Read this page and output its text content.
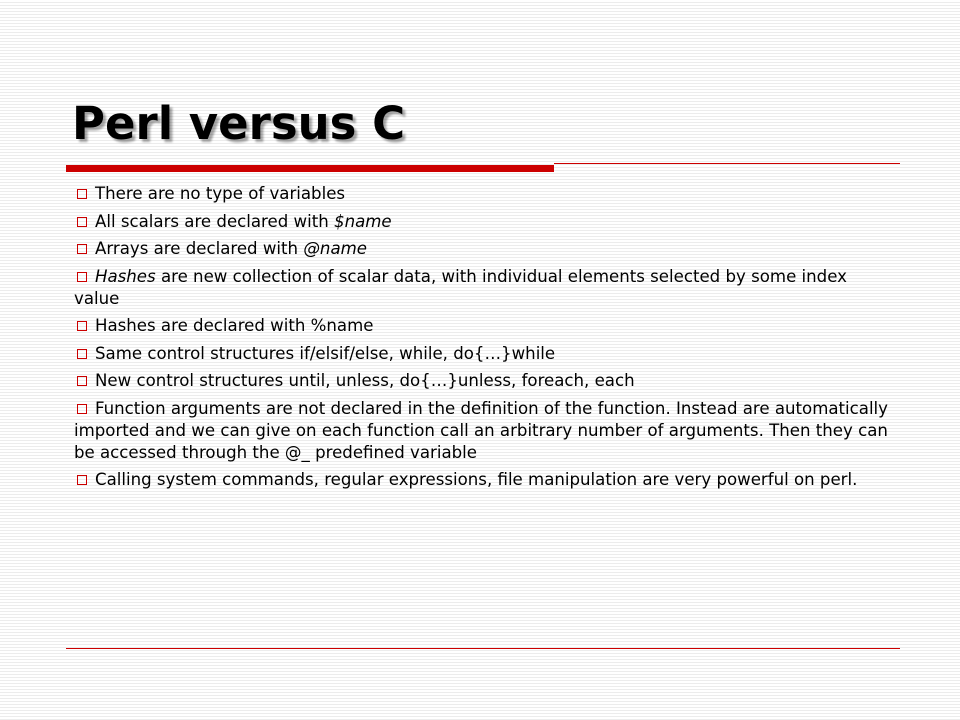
Perl versus C
There are no type of variables
All scalars are declared with $name
Arrays are declared with @name
Hashes are new collection of scalar data, with individual elements selected by some index value
Hashes are declared with %name
Same control structures if/elsif/else, while, do{…}while
New control structures until, unless, do{…}unless, foreach, each
Function arguments are not declared in the definition of the function. Instead are automatically imported and we can give on each function call an arbitrary number of arguments. Then they can be accessed through the @_ predefined variable
Calling system commands, regular expressions, file manipulation are very powerful on perl.
